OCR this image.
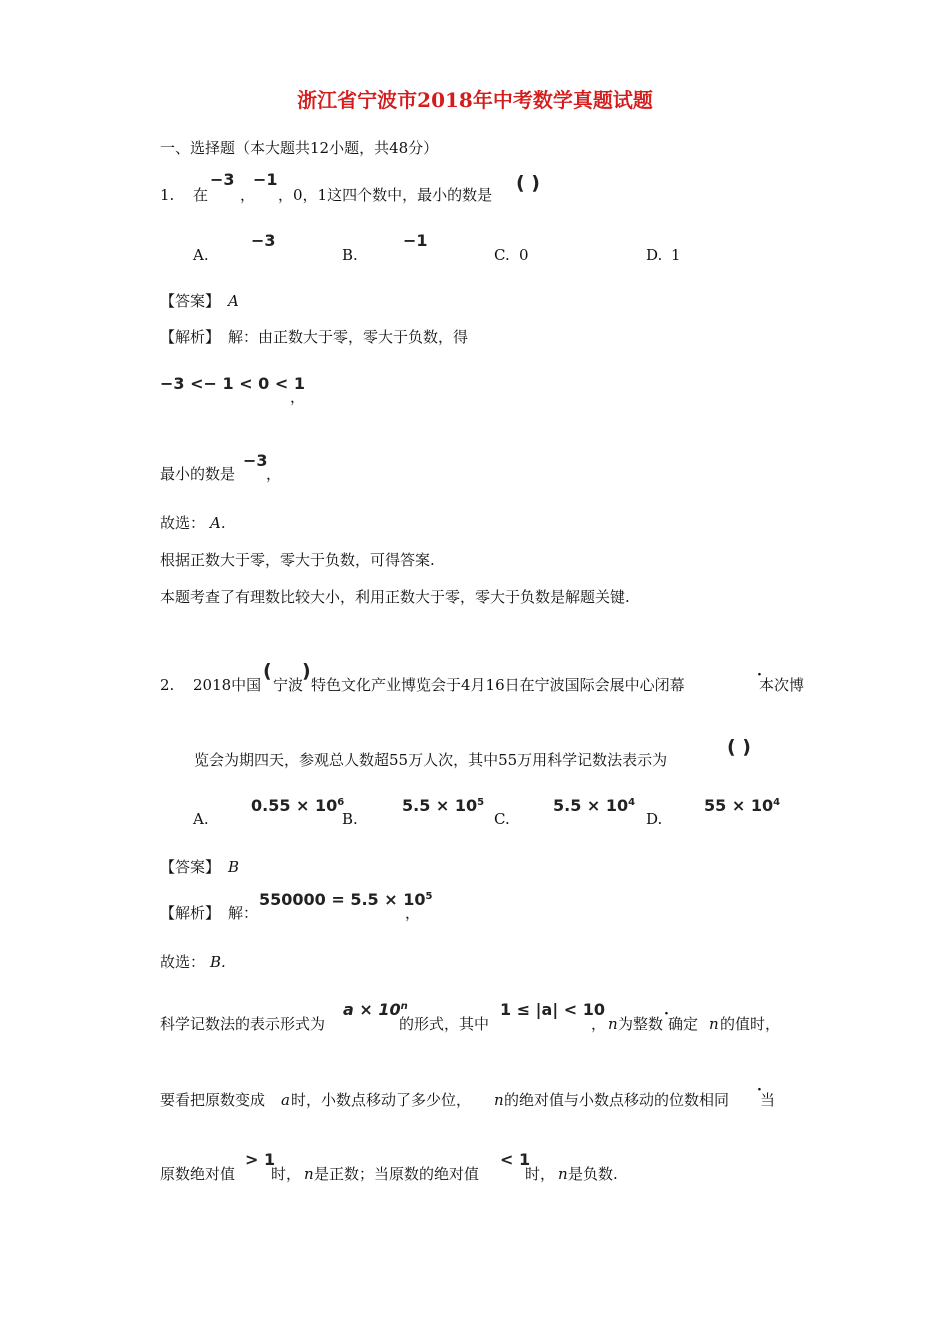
浙江省宁波市2018年中考数学真题试题
一、选择题（本大题共12小题，共48分）
1. 在
−3
，
−1
，0，1这四个数中，最小的数是
( )
A.
−3
B.
−1
C. 0	D. 1
【答案】 A
【解析】 解：由正数大于零，零大于负数，得
−3 <− 1 < 0 < 1
，
最小的数是
−3
，
故选： A.
根据正数大于零，零大于负数，可得答案.
本题考查了有理数比较大小，利用正数大于零，零大于负数是解题关键.
2. 2018中国
(
宁波
)
特色文化产业博览会于4月16日在宁波国际会展中心闭幕
·
本次博
览会为期四天，参观总人数超55万人次，其中55万用科学记数法表示为
( )
A.
$0.55 \times 10^6$
B.
$5.5 \times 10^5$
C.
$5.5 \times 10^4$
D.
$55 \times 10^4$
【答案】 B
【解析】 解：
$550000 = 5.5 \times 10^5$
，
故选： B.
科学记数法的表示形式为
$a \times 10^n$
的形式，其中
1 ≤ |a| < 10
， n 为整数
·
确定 n 的值时，
要看把原数变成 a 时，小数点移动了多少位， n 的绝对值与小数点移动的位数相同
·
当
原数绝对值
> 1
时， n 是正数；当原数的绝对值
< 1
时， n 是负数.
